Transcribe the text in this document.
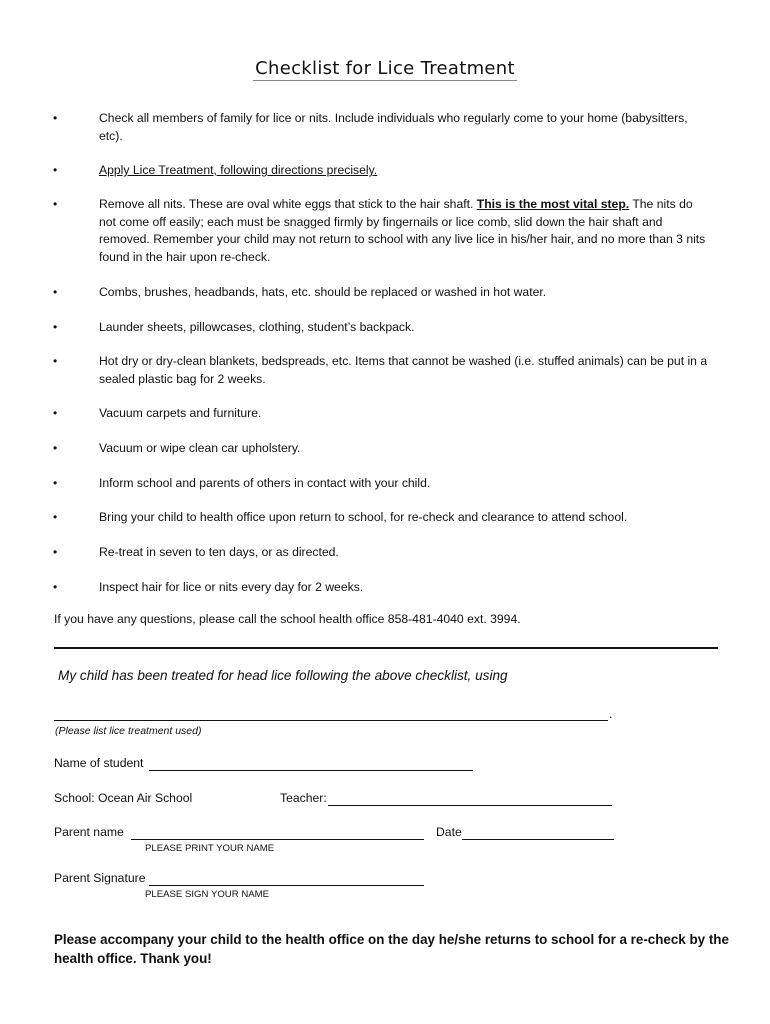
Checklist for Lice Treatment
•	Check all members of family for lice or nits. Include individuals who regularly come to your home (babysitters, etc).
•	Apply Lice Treatment, following directions precisely.
•	Remove all nits. These are oval white eggs that stick to the hair shaft. This is the most vital step. The nits do not come off easily; each must be snagged firmly by fingernails or lice comb, slid down the hair shaft and removed. Remember your child may not return to school with any live lice in his/her hair, and no more than 3 nits found in the hair upon re-check.
•	Combs, brushes, headbands, hats, etc. should be replaced or washed in hot water.
•	Launder sheets, pillowcases, clothing, student’s backpack.
•	Hot dry or dry-clean blankets, bedspreads, etc. Items that cannot be washed (i.e. stuffed animals) can be put in a sealed plastic bag for 2 weeks.
•	Vacuum carpets and furniture.
•	Vacuum or wipe clean car upholstery.
•	Inform school and parents of others in contact with your child.
•	Bring your child to health office upon return to school, for re-check and clearance to attend school.
•	Re-treat in seven to ten days, or as directed.
•	Inspect hair for lice or nits every day for 2 weeks.
If you have any questions, please call the school health office 858-481-4040 ext. 3994.
My child has been treated for head lice following the above checklist, using
.
(Please list lice treatment used)
Name of student
School: Ocean Air School	Teacher:
Parent name
PLEASE PRINT YOUR NAME
Date
Parent Signature
PLEASE SIGN YOUR NAME
Please accompany your child to the health office on the day he/she returns to school for a re-check by the health office. Thank you!
